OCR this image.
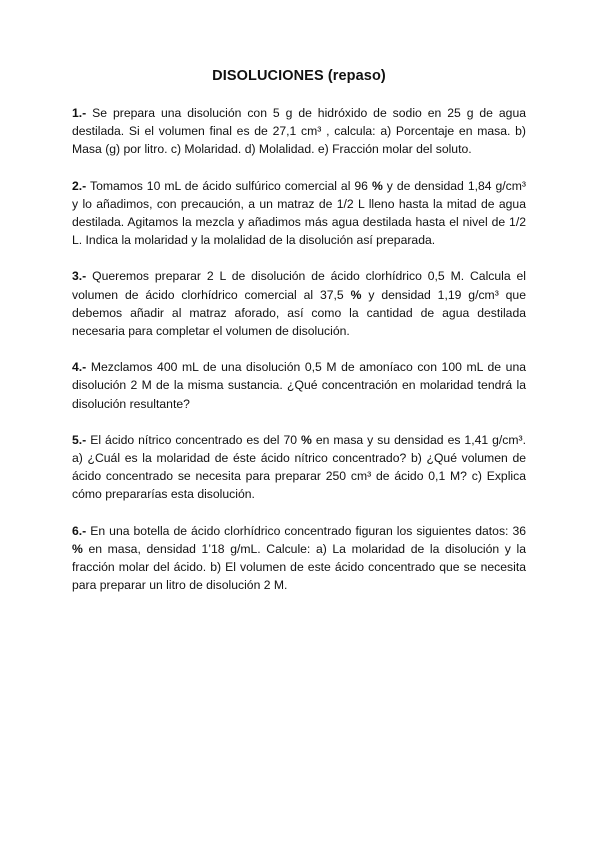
DISOLUCIONES (repaso)

1.- Se prepara una disolución con 5 g de hidróxido de sodio en 25 g de agua destilada. Si el volumen final es de 27,1 cm³ , calcula: a) Porcentaje en masa. b) Masa (g) por litro. c) Molaridad. d) Molalidad. e) Fracción molar del soluto.

2.- Tomamos 10 mL de ácido sulfúrico comercial al 96 % y de densidad 1,84 g/cm³ y lo añadimos, con precaución, a un matraz de 1/2 L lleno hasta la mitad de agua destilada. Agitamos la mezcla y añadimos más agua destilada hasta el nivel de 1/2 L. Indica la molaridad y la molalidad de la disolución así preparada.

3.- Queremos preparar 2 L de disolución de ácido clorhídrico 0,5 M. Calcula el volumen de ácido clorhídrico comercial al 37,5 % y densidad 1,19 g/cm³ que debemos añadir al matraz aforado, así como la cantidad de agua destilada necesaria para completar el volumen de disolución.

4.- Mezclamos 400 mL de una disolución 0,5 M de amoníaco con 100 mL de una disolución 2 M de la misma sustancia. ¿Qué concentración en molaridad tendrá la disolución resultante?

5.- El ácido nítrico concentrado es del 70 % en masa y su densidad es 1,41 g/cm³. a) ¿Cuál es la molaridad de éste ácido nítrico concentrado? b) ¿Qué volumen de ácido concentrado se necesita para preparar 250 cm³ de ácido 0,1 M? c) Explica cómo prepararías esta disolución.

6.- En una botella de ácido clorhídrico concentrado figuran los siguientes datos: 36 % en masa, densidad 1’18 g/mL. Calcule: a) La molaridad de la disolución y la fracción molar del ácido. b) El volumen de este ácido concentrado que se necesita para preparar un litro de disolución 2 M.
